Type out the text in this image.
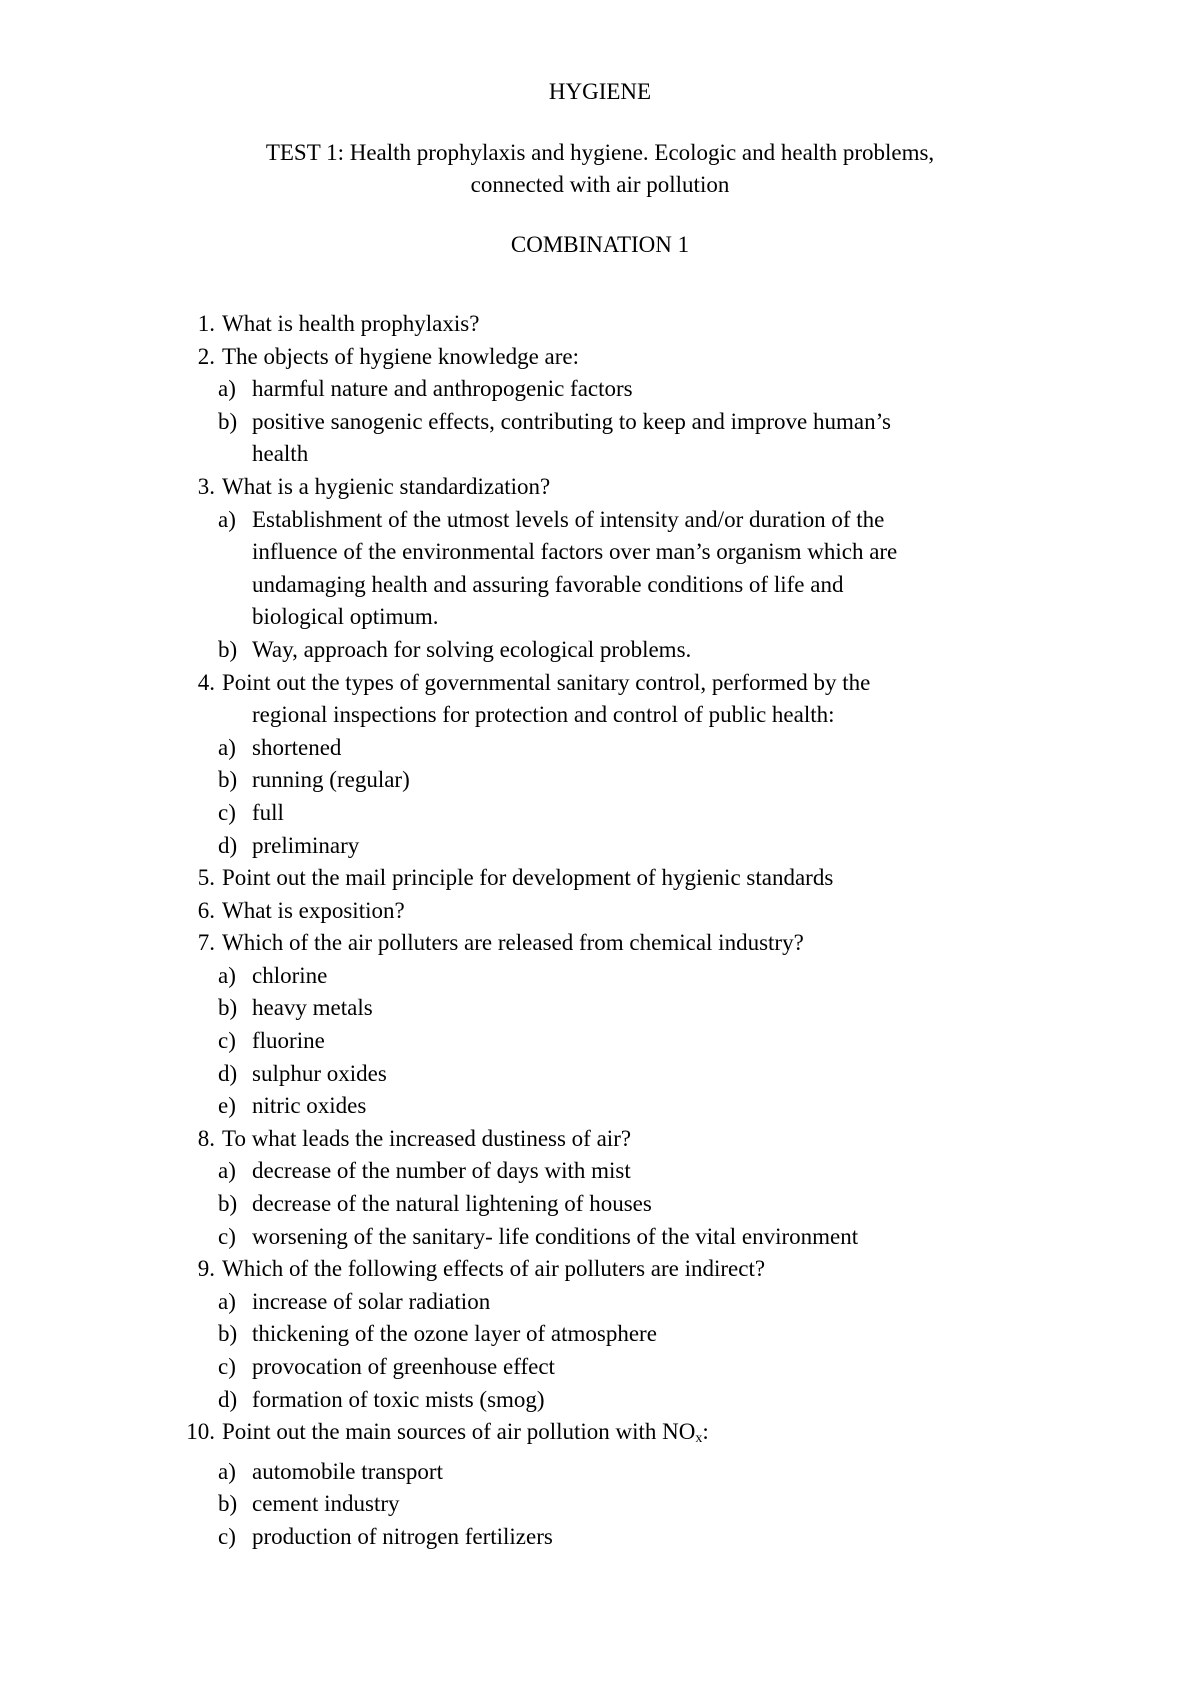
HYGIENE
TEST 1: Health prophylaxis and hygiene. Ecologic and health problems,
connected with air pollution
COMBINATION 1
1. What is health prophylaxis?
2. The objects of hygiene knowledge are:
a) harmful nature and anthropogenic factors
b) positive sanogenic effects, contributing to keep and improve human’s
health
3. What is a hygienic standardization?
a) Establishment of the utmost levels of intensity and/or duration of the
influence of the environmental factors over man’s organism which are
undamaging health and assuring favorable conditions of life and
biological optimum.
b) Way, approach for solving ecological problems.
4. Point out the types of governmental sanitary control, performed by the
regional inspections for protection and control of public health:
a) shortened
b) running (regular)
c) full
d) preliminary
5. Point out the mail principle for development of hygienic standards
6. What is exposition?
7. Which of the air polluters are released from chemical industry?
a) chlorine
b) heavy metals
c) fluorine
d) sulphur oxides
e) nitric oxides
8. To what leads the increased dustiness of air?
a) decrease of the number of days with mist
b) decrease of the natural lightening of houses
c) worsening of the sanitary- life conditions of the vital environment
9. Which of the following effects of air polluters are indirect?
a) increase of solar radiation
b) thickening of the ozone layer of atmosphere
c) provocation of greenhouse effect
d) formation of toxic mists (smog)
10. Point out the main sources of air pollution with $NO_x$:
a) automobile transport
b) cement industry
c) production of nitrogen fertilizers
